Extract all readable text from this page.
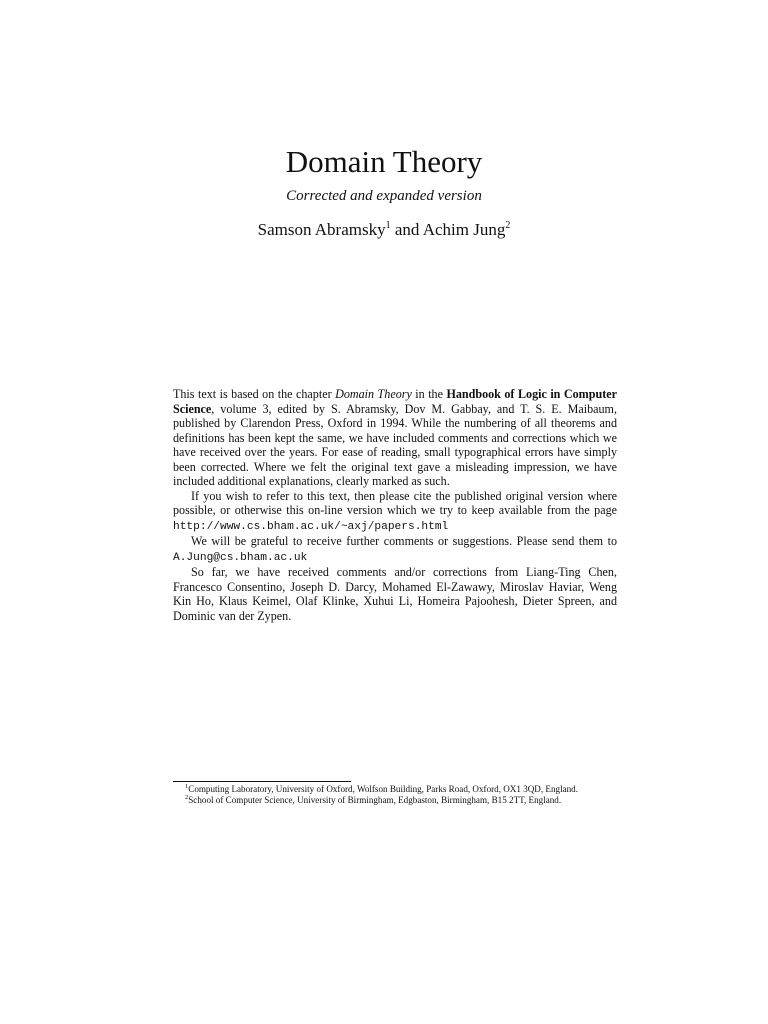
Domain Theory
Corrected and expanded version
Samson Abramsky$^1$ and Achim Jung$^2$

This text is based on the chapter Domain Theory in the Handbook of Logic in Computer Science, volume 3, edited by S. Abramsky, Dov M. Gabbay, and T. S. E. Maibaum, published by Clarendon Press, Oxford in 1994. While the numbering of all theorems and definitions has been kept the same, we have included comments and corrections which we have received over the years. For ease of reading, small typographical errors have simply been corrected. Where we felt the original text gave a misleading impression, we have included additional explanations, clearly marked as such.

If you wish to refer to this text, then please cite the published original version where possible, or otherwise this on-line version which we try to keep available from the page http://www.cs.bham.ac.uk/~axj/papers.html

We will be grateful to receive further comments or suggestions. Please send them to A.Jung@cs.bham.ac.uk

So far, we have received comments and/or corrections from Liang-Ting Chen, Francesco Consentino, Joseph D. Darcy, Mohamed El-Zawawy, Miroslav Haviar, Weng Kin Ho, Klaus Keimel, Olaf Klinke, Xuhui Li, Homeira Pajoohesh, Dieter Spreen, and Dominic van der Zypen.

$^1$Computing Laboratory, University of Oxford, Wolfson Building, Parks Road, Oxford, OX1 3QD, England.

$^2$School of Computer Science, University of Birmingham, Edgbaston, Birmingham, B15 2TT, England.
